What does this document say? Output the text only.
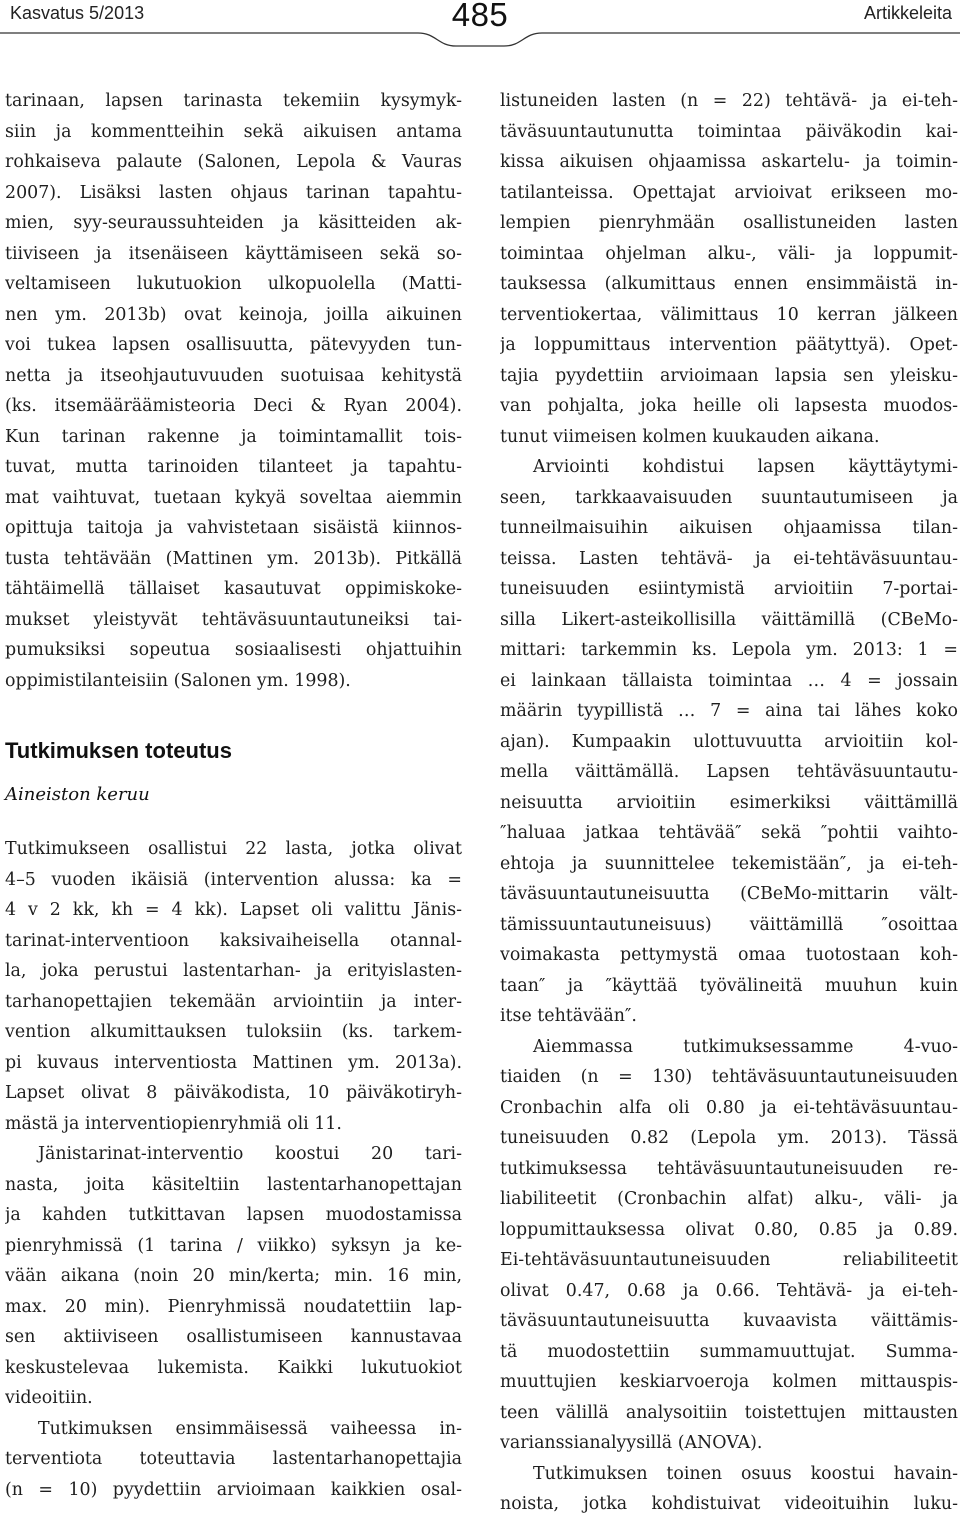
Kasvatus 5/2013	485	Artikkeleita
tarinaan, lapsen tarinasta tekemiin kysymyk-
siin ja kommentteihin sekä aikuisen antama
rohkaiseva palaute (Salonen, Lepola & Vauras
2007). Lisäksi lasten ohjaus tarinan tapahtu-
mien, syy-seuraussuhteiden ja käsitteiden ak-
tiiviseen ja itsenäiseen käyttämiseen sekä so-
veltamiseen lukutuokion ulkopuolella (Matti-
nen ym. 2013b) ovat keinoja, joilla aikuinen
voi tukea lapsen osallisuutta, pätevyyden tun-
netta ja itseohjautuvuuden suotuisaa kehitystä
(ks. itsemääräämisteoria Deci & Ryan 2004).
Kun tarinan rakenne ja toimintamallit tois-
tuvat, mutta tarinoiden tilanteet ja tapahtu-
mat vaihtuvat, tuetaan kykyä soveltaa aiemmin
opittuja taitoja ja vahvistetaan sisäistä kiinnos-
tusta tehtävään (Mattinen ym. 2013b). Pitkällä
tähtäimellä tällaiset kasautuvat oppimiskoke-
mukset yleistyvät tehtäväsuuntautuneiksi tai-
pumuksiksi sopeutua sosiaalisesti ohjattuihin
oppimistilanteisiin (Salonen ym. 1998).
Tutkimuksen toteutus
Aineiston keruu
Tutkimukseen osallistui 22 lasta, jotka olivat
4–5 vuoden ikäisiä (intervention alussa: ka =
4 v 2 kk, kh = 4 kk). Lapset oli valittu Jänis-
tarinat-interventioon kaksivaiheisella otannal-
la, joka perustui lastentarhan- ja erityislasten-
tarhanopettajien tekemään arviointiin ja inter-
vention alkumittauksen tuloksiin (ks. tarkem-
pi kuvaus interventiosta Mattinen ym. 2013a).
Lapset olivat 8 päiväkodista, 10 päiväkotiryh-
mästä ja interventiopienryhmiä oli 11.
Jänistarinat-interventio koostui 20 tari-
nasta, joita käsiteltiin lastentarhanopettajan
ja kahden tutkittavan lapsen muodostamissa
pienryhmissä (1 tarina / viikko) syksyn ja ke-
vään aikana (noin 20 min/kerta; min. 16 min,
max. 20 min). Pienryhmissä noudatettiin lap-
sen aktiiviseen osallistumiseen kannustavaa
keskustelevaa lukemista. Kaikki lukutuokiot
videoitiin.
Tutkimuksen ensimmäisessä vaiheessa in-
terventiota toteuttavia lastentarhanopettajia
(n = 10) pyydettiin arvioimaan kaikkien osal-
listuneiden lasten (n = 22) tehtävä- ja ei-teh-
täväsuuntautunutta toimintaa päiväkodin kai-
kissa aikuisen ohjaamissa askartelu- ja toimin-
tatilanteissa. Opettajat arvioivat erikseen mo-
lempien pienryhmään osallistuneiden lasten
toimintaa ohjelman alku-, väli- ja loppumit-
tauksessa (alkumittaus ennen ensimmäistä in-
terventiokertaa, välimittaus 10 kerran jälkeen
ja loppumittaus intervention päätyttyä). Opet-
tajia pyydettiin arvioimaan lapsia sen yleisku-
van pohjalta, joka heille oli lapsesta muodos-
tunut viimeisen kolmen kuukauden aikana.
Arviointi kohdistui lapsen käyttäytymi-
seen, tarkkaavaisuuden suuntautumiseen ja
tunneilmaisuihin aikuisen ohjaamissa tilan-
teissa. Lasten tehtävä- ja ei-tehtäväsuuntau-
tuneisuuden esiintymistä arvioitiin 7-portai-
silla Likert-asteikollisilla väittämillä (CBeMo-
mittari: tarkemmin ks. Lepola ym. 2013: 1 =
ei lainkaan tällaista toimintaa … 4 = jossain
määrin tyypillistä … 7 = aina tai lähes koko
ajan). Kumpaakin ulottuvuutta arvioitiin kol-
mella väittämällä. Lapsen tehtäväsuuntautu-
neisuutta arvioitiin esimerkiksi väittämillä
″haluaa jatkaa tehtävää″ sekä ″pohtii vaihto-
ehtoja ja suunnittelee tekemistään″, ja ei-teh-
täväsuuntautuneisuutta (CBeMo-mittarin vält-
tämissuuntautuneisuus) väittämillä ″osoittaa
voimakasta pettymystä omaa tuotostaan koh-
taan″ ja ″käyttää työvälineitä muuhun kuin
itse tehtävään″.
Aiemmassa tutkimuksessamme 4-vuo-
tiaiden (n = 130) tehtäväsuuntautuneisuuden
Cronbachin alfa oli 0.80 ja ei-tehtäväsuuntau-
tuneisuuden 0.82 (Lepola ym. 2013). Tässä
tutkimuksessa tehtäväsuuntautuneisuuden re-
liabiliteetit (Cronbachin alfat) alku-, väli- ja
loppumittauksessa olivat 0.80, 0.85 ja 0.89.
Ei-tehtäväsuuntautuneisuuden reliabiliteetit
olivat 0.47, 0.68 ja 0.66. Tehtävä- ja ei-teh-
täväsuuntautuneisuutta kuvaavista väittämis-
tä muodostettiin summamuuttujat. Summa-
muuttujien keskiarvoeroja kolmen mittauspis-
teen välillä analysoitiin toistettujen mittausten
varianssianalyysillä (ANOVA).
Tutkimuksen toinen osuus koostui havain-
noista, jotka kohdistuivat videoituihin luku-
